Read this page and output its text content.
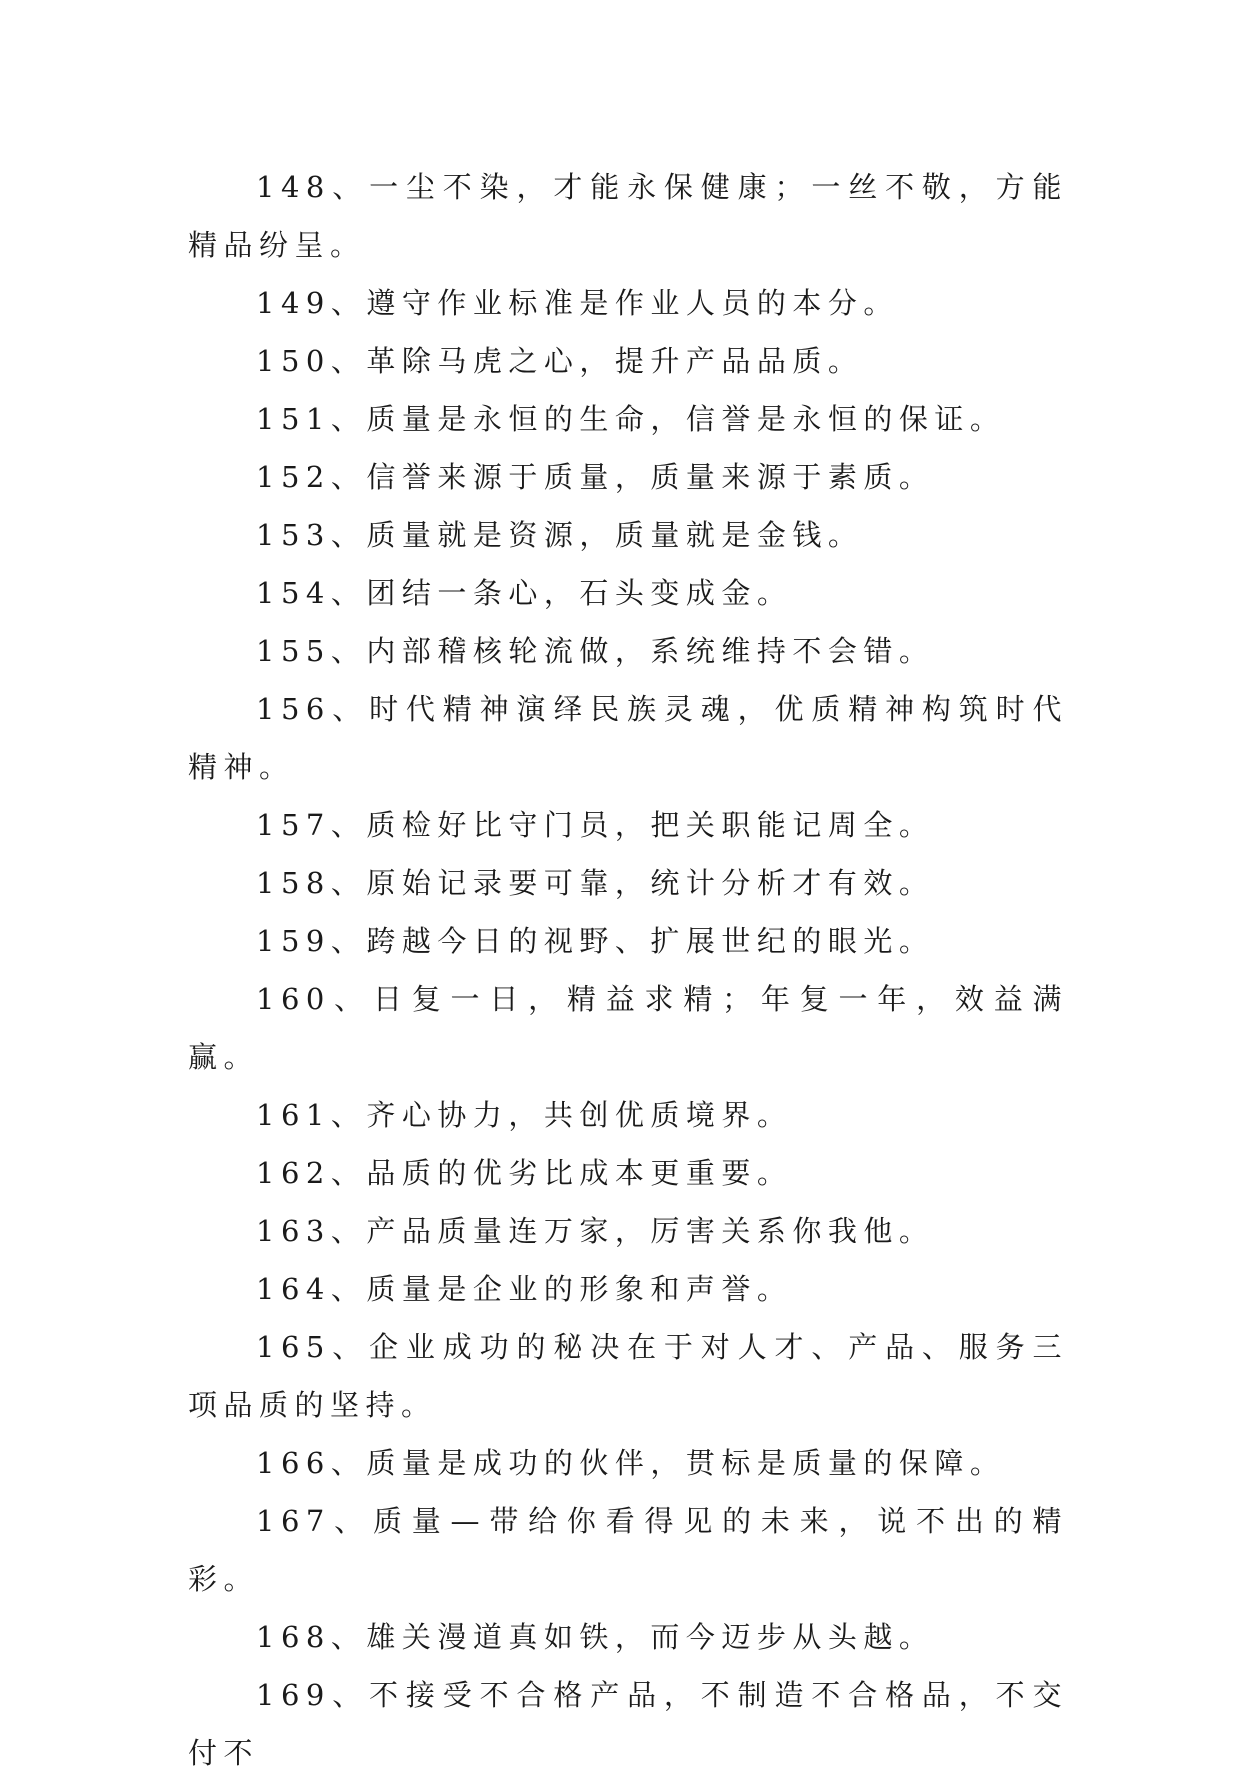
148、一尘不染，才能永保健康；一丝不敬，方能精品纷呈。

149、遵守作业标准是作业人员的本分。

150、革除马虎之心，提升产品品质。

151、质量是永恒的生命，信誉是永恒的保证。

152、信誉来源于质量，质量来源于素质。

153、质量就是资源，质量就是金钱。

154、团结一条心，石头变成金。

155、内部稽核轮流做，系统维持不会错。

156、时代精神演绎民族灵魂，优质精神构筑时代精神。

157、质检好比守门员，把关职能记周全。

158、原始记录要可靠，统计分析才有效。

159、跨越今日的视野、扩展世纪的眼光。

160、日复一日，精益求精；年复一年，效益满赢。

161、齐心协力，共创优质境界。

162、品质的优劣比成本更重要。

163、产品质量连万家，厉害关系你我他。

164、质量是企业的形象和声誉。

165、企业成功的秘决在于对人才、产品、服务三项品质的坚持。

166、质量是成功的伙伴，贯标是质量的保障。

167、质量—带给你看得见的未来，说不出的精彩。

168、雄关漫道真如铁，而今迈步从头越。

169、不接受不合格产品，不制造不合格品，不交付不
